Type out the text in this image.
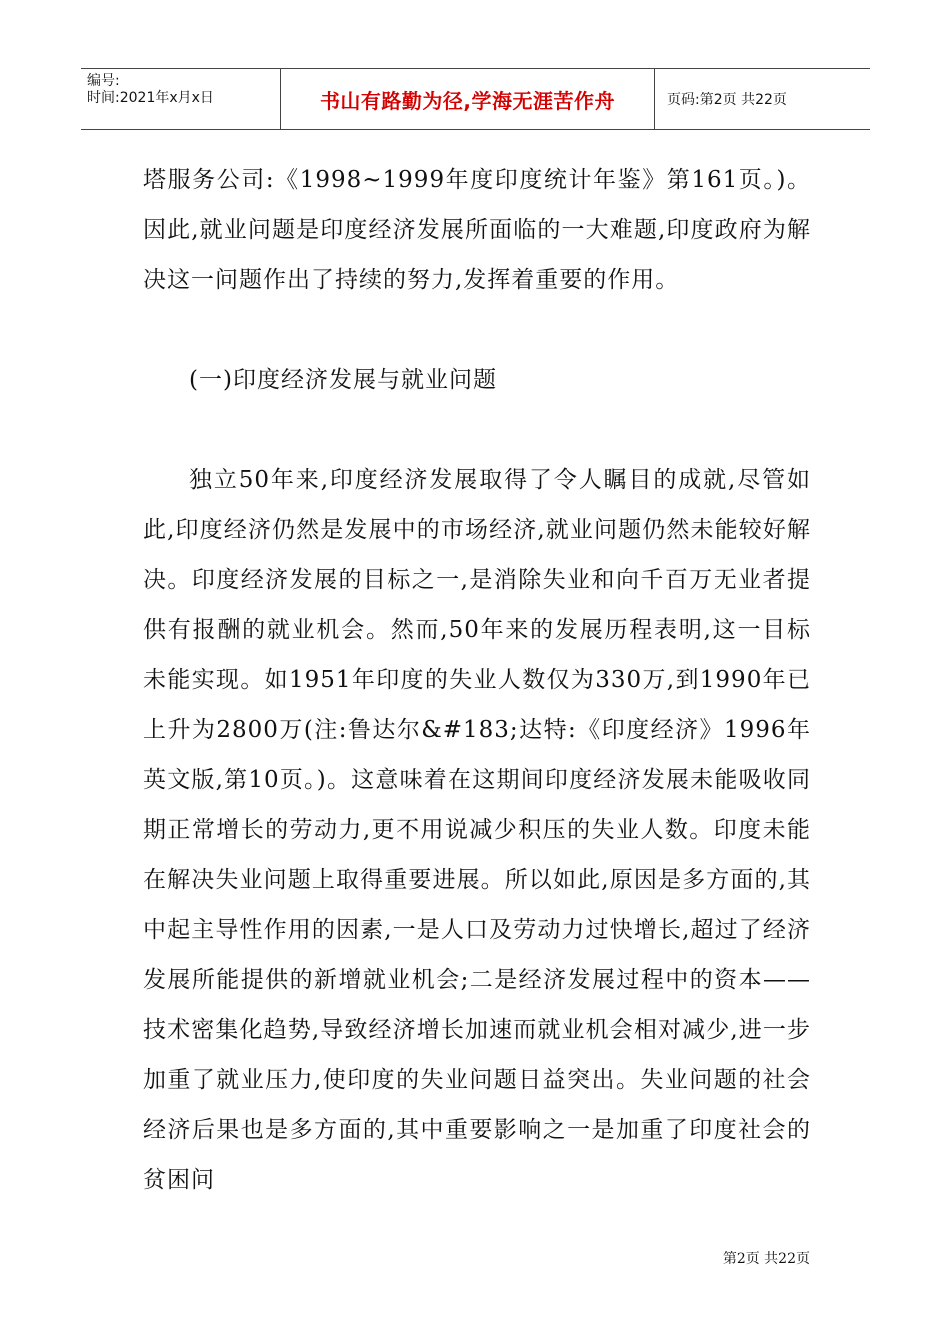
编号:
时间:2021年x月x日	书山有路勤为径,学海无涯苦作舟	页码:第2页 共22页

塔服务公司:《1998~1999年度印度统计年鉴》第161页。)。因此,就业问题是印度经济发展所面临的一大难题,印度政府为解决这一问题作出了持续的努力,发挥着重要的作用。

(一)印度经济发展与就业问题

独立50年来,印度经济发展取得了令人瞩目的成就,尽管如此,印度经济仍然是发展中的市场经济,就业问题仍然未能较好解决。印度经济发展的目标之一,是消除失业和向千百万无业者提供有报酬的就业机会。然而,50年来的发展历程表明,这一目标未能实现。如1951年印度的失业人数仅为330万,到1990年已上升为2800万(注:鲁达尔&#183;达特:《印度经济》1996年英文版,第10页。)。这意味着在这期间印度经济发展未能吸收同期正常增长的劳动力,更不用说减少积压的失业人数。印度未能在解决失业问题上取得重要进展。所以如此,原因是多方面的,其中起主导性作用的因素,一是人口及劳动力过快增长,超过了经济发展所能提供的新增就业机会;二是经济发展过程中的资本——技术密集化趋势,导致经济增长加速而就业机会相对减少,进一步加重了就业压力,使印度的失业问题日益突出。失业问题的社会经济后果也是多方面的,其中重要影响之一是加重了印度社会的贫困问

第2页 共22页
